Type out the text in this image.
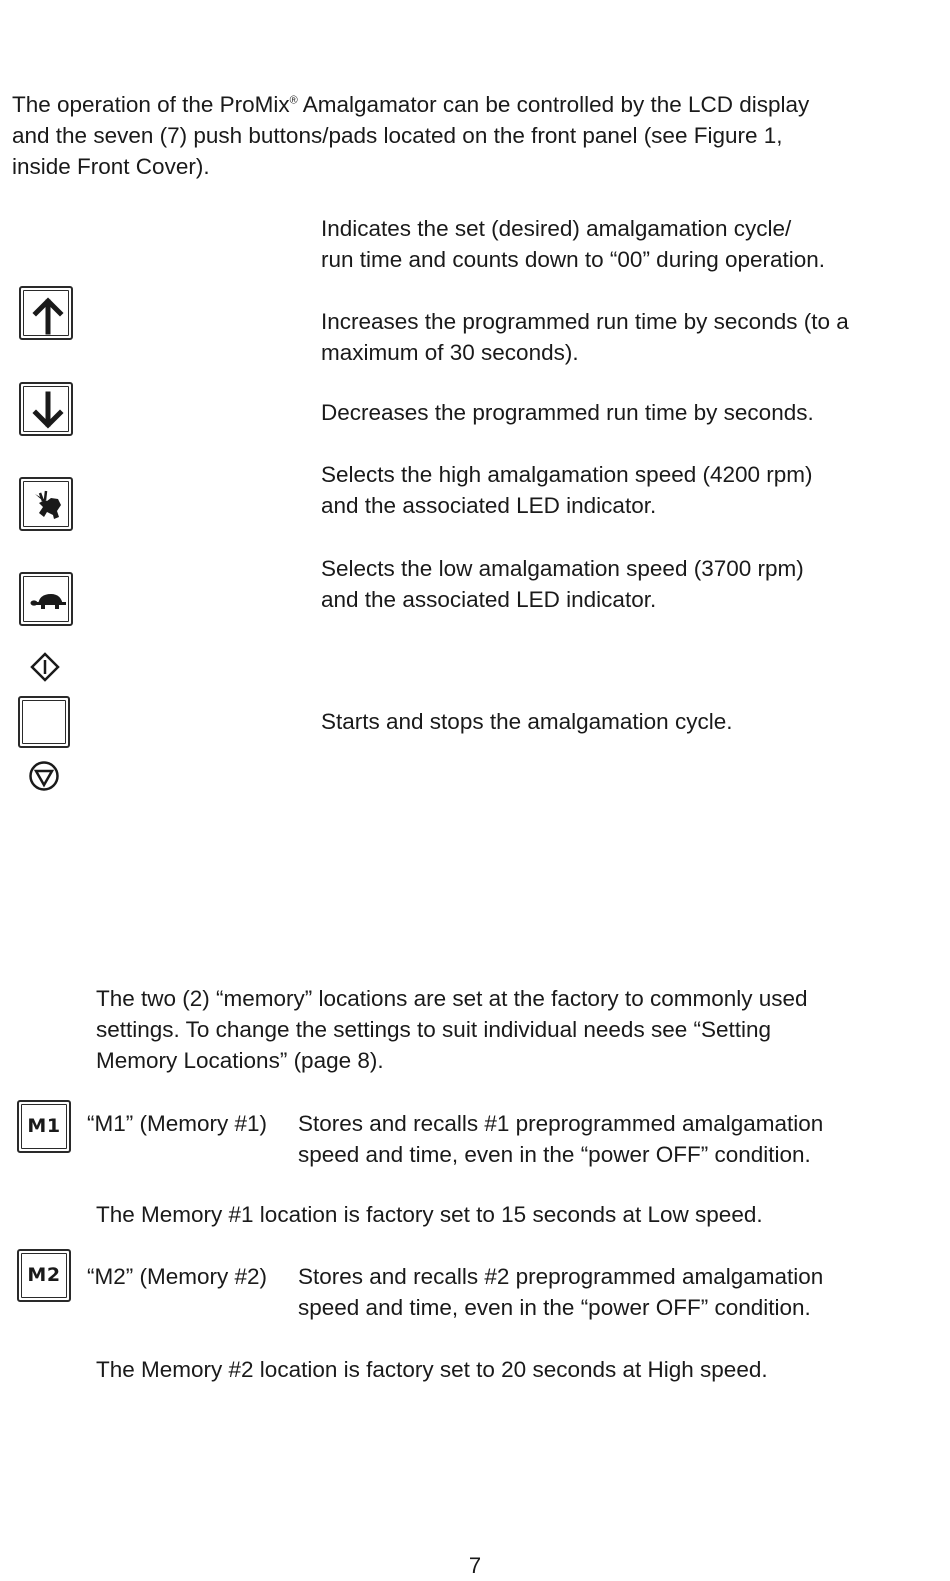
The operation of the ProMix® Amalgamator can be controlled by the LCD display
and the seven (7) push buttons/pads located on the front panel (see Figure 1,
inside Front Cover).
Indicates the set (desired) amalgamation cycle/
run time and counts down to “00” during operation.
Increases the programmed run time by seconds (to a
maximum of 30 seconds).
Decreases the programmed run time by seconds.
Selects the high amalgamation speed (4200 rpm)
and the associated LED indicator.
Selects the low amalgamation speed (3700 rpm)
and the associated LED indicator.
Starts and stops the amalgamation cycle.
The two (2) “memory” locations are set at the factory to commonly used
settings. To change the settings to suit individual needs see “Setting
Memory Locations” (page 8).
M1	“M1” (Memory #1) Stores and recalls #1 preprogrammed amalgamation
speed and time, even in the “power OFF” condition.
The Memory #1 location is factory set to 15 seconds at Low speed.
M2	“M2” (Memory #2) Stores and recalls #2 preprogrammed amalgamation
speed and time, even in the “power OFF” condition.
The Memory #2 location is factory set to 20 seconds at High speed.
7
